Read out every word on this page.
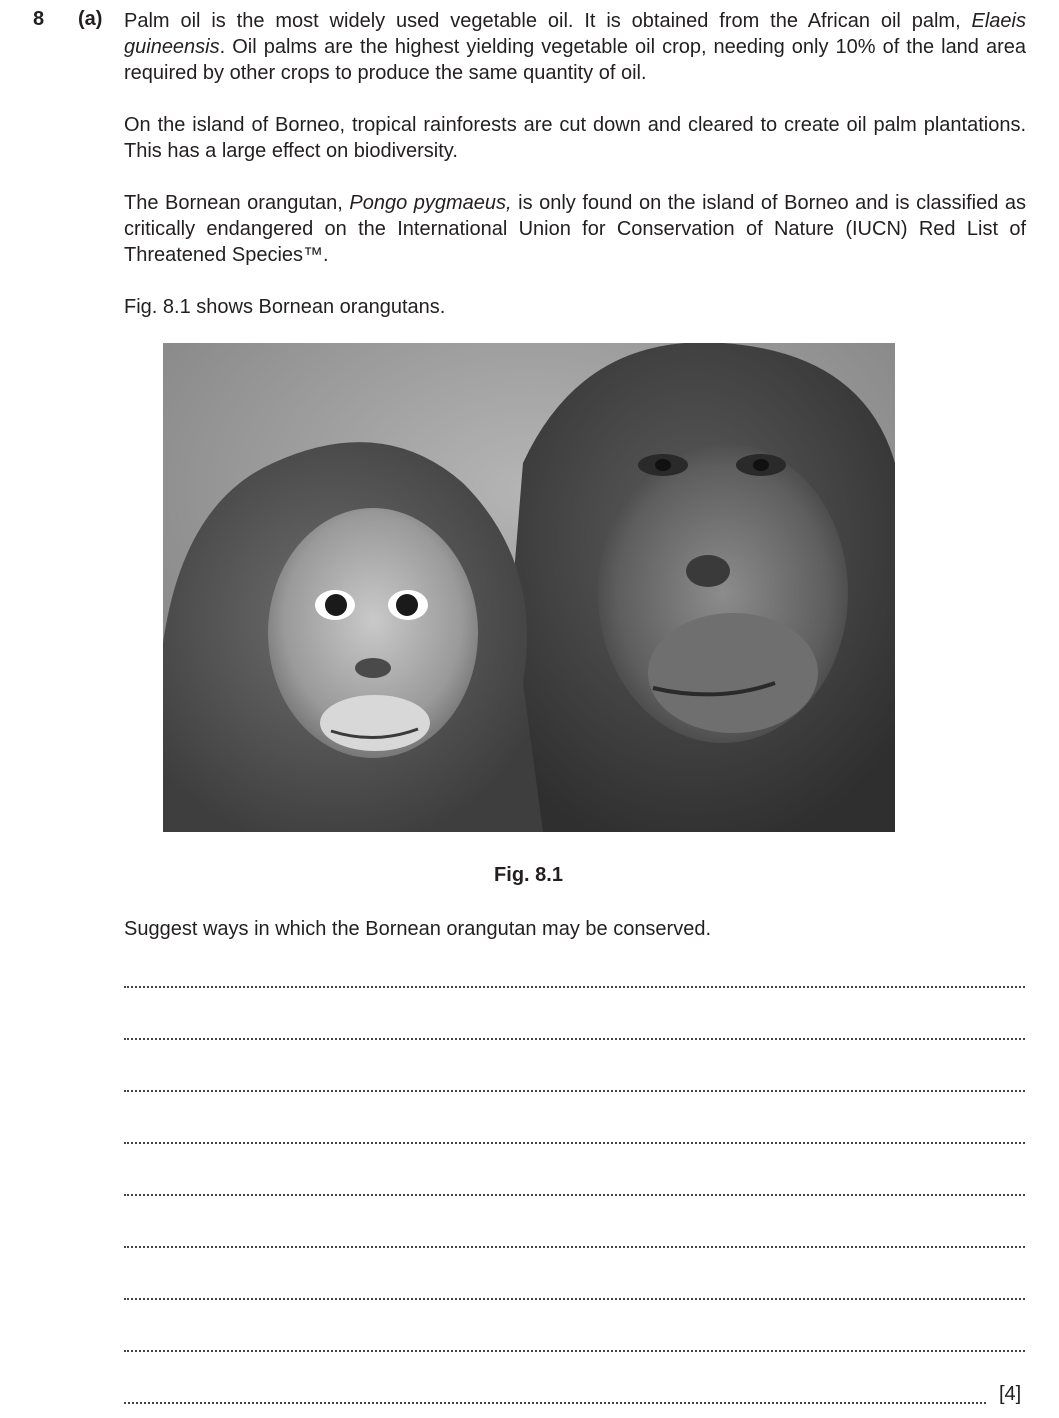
8 (a) Palm oil is the most widely used vegetable oil. It is obtained from the African oil palm, Elaeis guineensis. Oil palms are the highest yielding vegetable oil crop, needing only 10% of the land area required by other crops to produce the same quantity of oil.

On the island of Borneo, tropical rainforests are cut down and cleared to create oil palm plantations. This has a large effect on biodiversity.

The Bornean orangutan, Pongo pygmaeus, is only found on the island of Borneo and is classified as critically endangered on the International Union for Conservation of Nature (IUCN) Red List of Threatened Species™.

Fig. 8.1 shows Bornean orangutans.

Fig. 8.1

Suggest ways in which the Bornean orangutan may be conserved.

[4]
